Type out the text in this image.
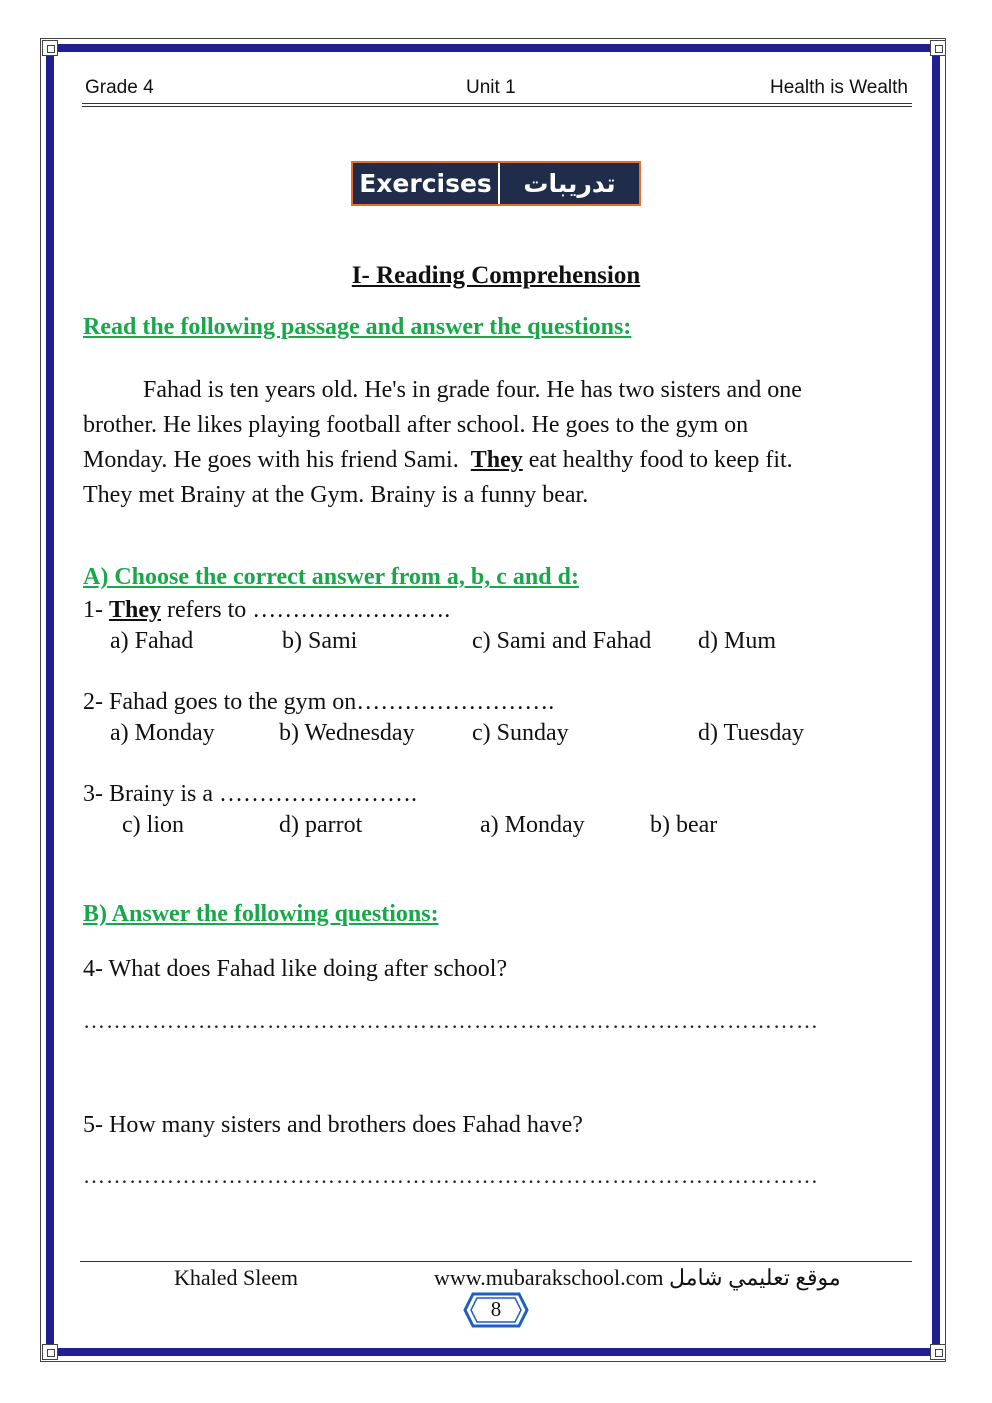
Grade 4	Unit 1	Health is Wealth
Exercises	تدريبات
I- Reading Comprehension
Read the following passage and answer the questions:
Fahad is ten years old. He's in grade four. He has two sisters and one
brother. He likes playing football after school. He goes to the gym on
Monday. He goes with his friend Sami.  They eat healthy food to keep fit.
They met Brainy at the Gym. Brainy is a funny bear.
A) Choose the correct answer from a, b, c and d:
1- They refers to …………………….
a) Fahad	b) Sami	c) Sami and Fahad d) Mum
2- Fahad goes to the gym on…………………….
a) Monday	b) Wednesday c) Sunday	d) Tuesday
3- Brainy is a …………………….
c) lion	d) parrot	a) Monday	b) bear
B) Answer the following questions:
4- What does Fahad like doing after school?
……………………………………………………………………………………
5- How many sisters and brothers does Fahad have?
……………………………………………………………………………………
Khaled Sleem	www.mubarakschool.com موقع تعليمي شامل
8
